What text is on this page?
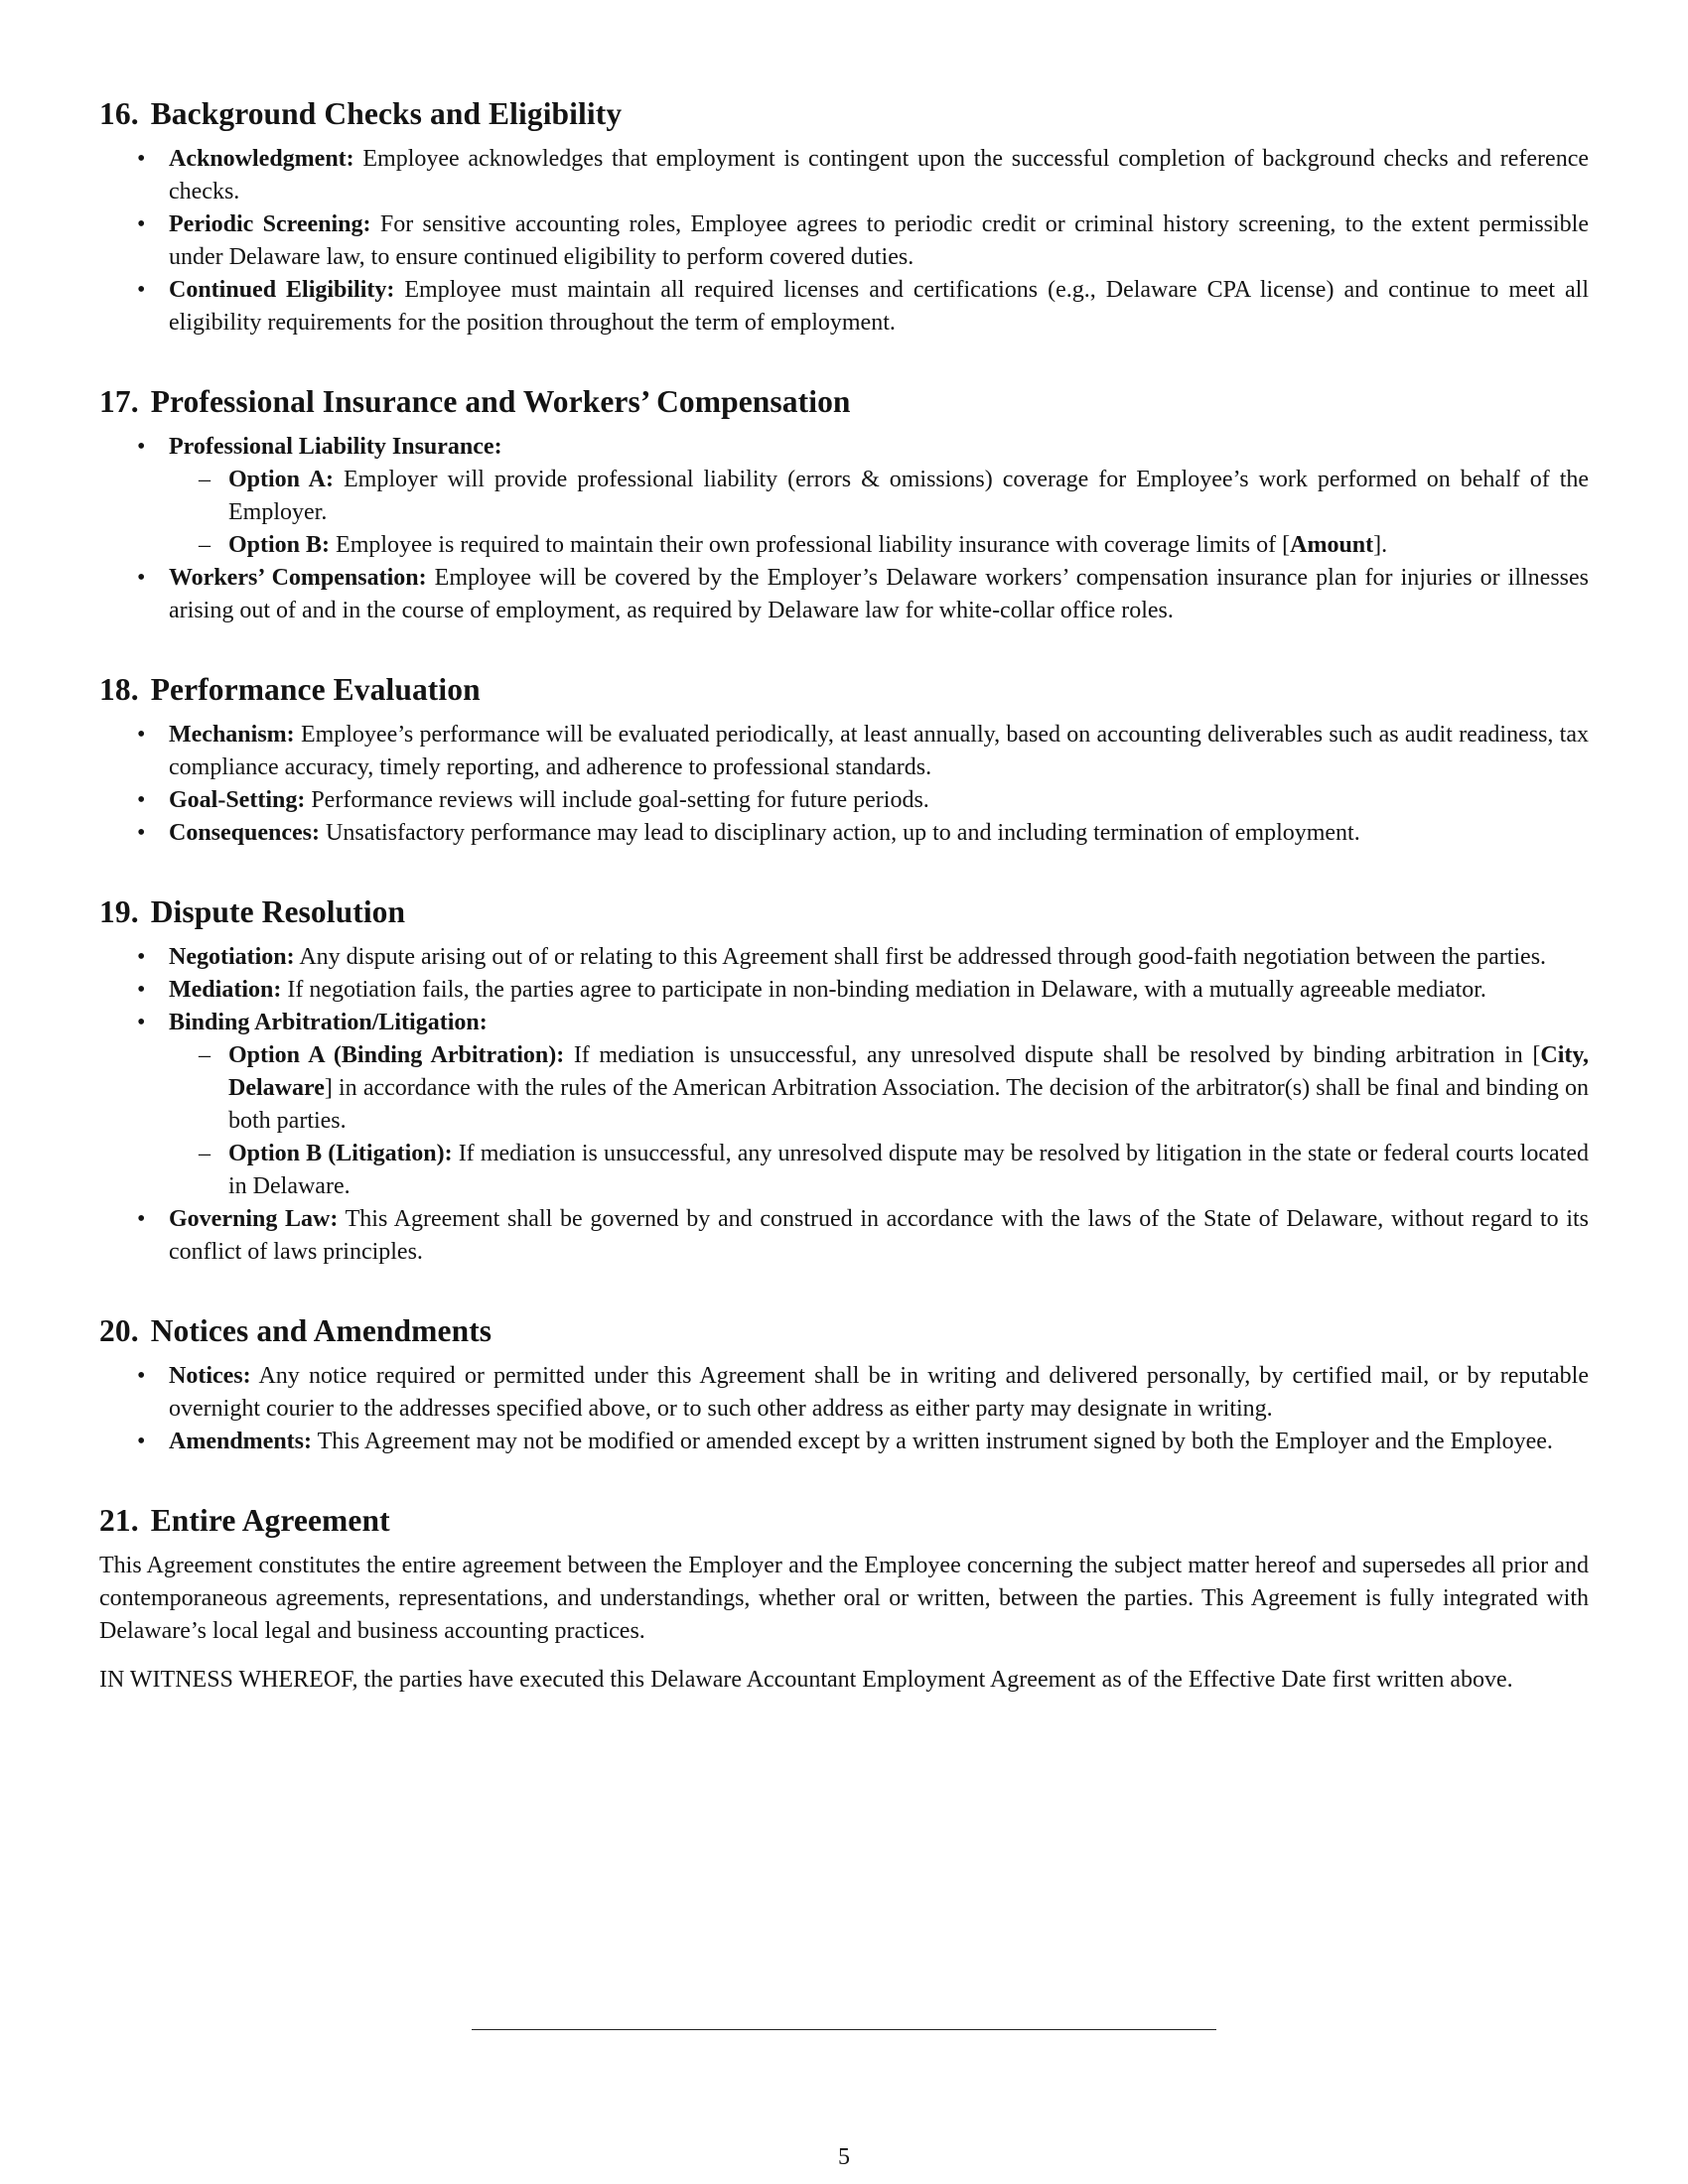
16. Background Checks and Eligibility
• Acknowledgment: Employee acknowledges that employment is contingent upon the successful completion of background checks and reference checks.
• Periodic Screening: For sensitive accounting roles, Employee agrees to periodic credit or criminal history screening, to the extent permissible under Delaware law, to ensure continued eligibility to perform covered duties.
• Continued Eligibility: Employee must maintain all required licenses and certifications (e.g., Delaware CPA license) and continue to meet all eligibility requirements for the position throughout the term of employment.
17. Professional Insurance and Workers’ Compensation
• Professional Liability Insurance:
– Option A: Employer will provide professional liability (errors & omissions) coverage for Employee’s work performed on behalf of the Employer.
– Option B: Employee is required to maintain their own professional liability insurance with coverage limits of [Amount].
• Workers’ Compensation: Employee will be covered by the Employer’s Delaware workers’ compensation insurance plan for injuries or illnesses arising out of and in the course of employment, as required by Delaware law for white-collar office roles.
18. Performance Evaluation
• Mechanism: Employee’s performance will be evaluated periodically, at least annually, based on accounting deliverables such as audit readiness, tax compliance accuracy, timely reporting, and adherence to professional standards.
• Goal-Setting: Performance reviews will include goal-setting for future periods.
• Consequences: Unsatisfactory performance may lead to disciplinary action, up to and including termination of employment.
19. Dispute Resolution
• Negotiation: Any dispute arising out of or relating to this Agreement shall first be addressed through good-faith negotiation between the parties.
• Mediation: If negotiation fails, the parties agree to participate in non-binding mediation in Delaware, with a mutually agreeable mediator.
• Binding Arbitration/Litigation:
– Option A (Binding Arbitration): If mediation is unsuccessful, any unresolved dispute shall be resolved by binding arbitration in [City, Delaware] in accordance with the rules of the American Arbitration Association. The decision of the arbitrator(s) shall be final and binding on both parties.
– Option B (Litigation): If mediation is unsuccessful, any unresolved dispute may be resolved by litigation in the state or federal courts located in Delaware.
• Governing Law: This Agreement shall be governed by and construed in accordance with the laws of the State of Delaware, without regard to its conflict of laws principles.
20. Notices and Amendments
• Notices: Any notice required or permitted under this Agreement shall be in writing and delivered personally, by certified mail, or by reputable overnight courier to the addresses specified above, or to such other address as either party may designate in writing.
• Amendments: This Agreement may not be modified or amended except by a written instrument signed by both the Employer and the Employee.
21. Entire Agreement

This Agreement constitutes the entire agreement between the Employer and the Employee concerning the subject matter hereof and supersedes all prior and contemporaneous agreements, representations, and understandings, whether oral or written, between the parties. This Agreement is fully integrated with Delaware’s local legal and business accounting practices.

IN WITNESS WHEREOF, the parties have executed this Delaware Accountant Employment Agreement as of the Effective Date first written above.

5
